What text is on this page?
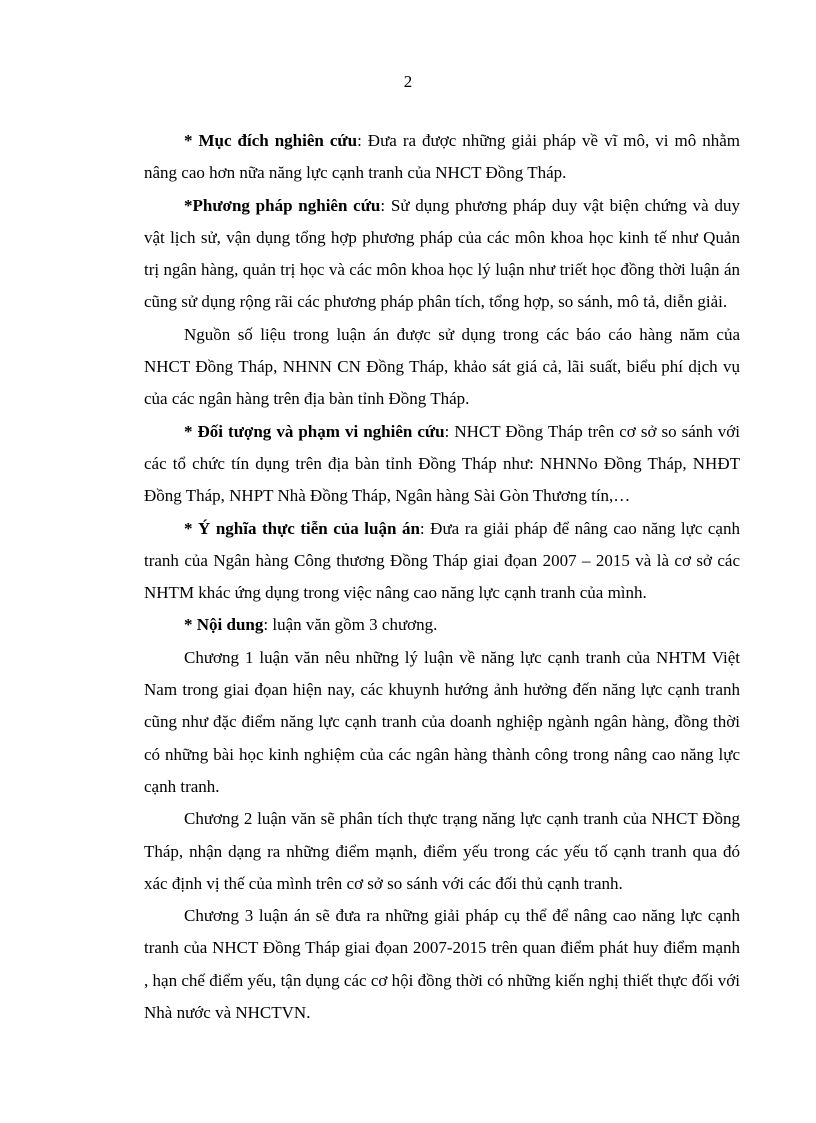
2

* Mục đích nghiên cứu: Đưa ra được những giải pháp về vĩ mô, vi mô nhằm nâng cao hơn nữa năng lực cạnh tranh của NHCT Đồng Tháp.

*Phương pháp nghiên cứu: Sử dụng phương pháp duy vật biện chứng và duy vật lịch sử, vận dụng tổng hợp phương pháp của các môn khoa học kinh tế như Quản trị ngân hàng, quản trị học và các môn khoa học lý luận như triết học đồng thời luận án cũng sử dụng rộng rãi các phương pháp phân tích, tổng hợp, so sánh, mô tả, diễn giải.

Nguồn số liệu trong luận án được sử dụng trong các báo cáo hàng năm của NHCT Đồng Tháp, NHNN CN Đồng Tháp, khảo sát giá cả, lãi suất, biểu phí dịch vụ của các ngân hàng trên địa bàn tỉnh Đồng Tháp.

* Đối tượng và phạm vi nghiên cứu: NHCT Đồng Tháp trên cơ sở so sánh với các tổ chức tín dụng trên địa bàn tỉnh Đồng Tháp như: NHNNo Đồng Tháp, NHĐT Đồng Tháp, NHPT Nhà Đồng Tháp, Ngân hàng Sài Gòn Thương tín,…

* Ý nghĩa thực tiễn của luận án: Đưa ra giải pháp để nâng cao năng lực cạnh tranh của Ngân hàng Công thương Đồng Tháp giai đọan 2007 – 2015 và là cơ sở các NHTM khác ứng dụng trong việc nâng cao năng lực cạnh tranh của mình.

* Nội dung: luận văn gồm 3 chương.

Chương 1 luận văn nêu những lý luận về năng lực cạnh tranh của NHTM Việt Nam trong giai đọan hiện nay, các khuynh hướng ảnh hưởng đến năng lực cạnh tranh cũng như đặc điểm năng lực cạnh tranh của doanh nghiệp ngành ngân hàng, đồng thời có những bài học kinh nghiệm của các ngân hàng thành công trong nâng cao năng lực cạnh tranh.

Chương 2 luận văn sẽ phân tích thực trạng năng lực cạnh tranh của NHCT Đồng Tháp, nhận dạng ra những điểm mạnh, điểm yếu trong các yếu tố cạnh tranh qua đó xác định vị thế của mình trên cơ sở so sánh với các đối thủ cạnh tranh.

Chương 3 luận án sẽ đưa ra những giải pháp cụ thể để nâng cao năng lực cạnh tranh của NHCT Đồng Tháp giai đọan 2007-2015 trên quan điểm phát huy điểm mạnh , hạn chế điểm yếu, tận dụng các cơ hội đồng thời có những kiến nghị thiết thực đối với Nhà nước và NHCTVN.
